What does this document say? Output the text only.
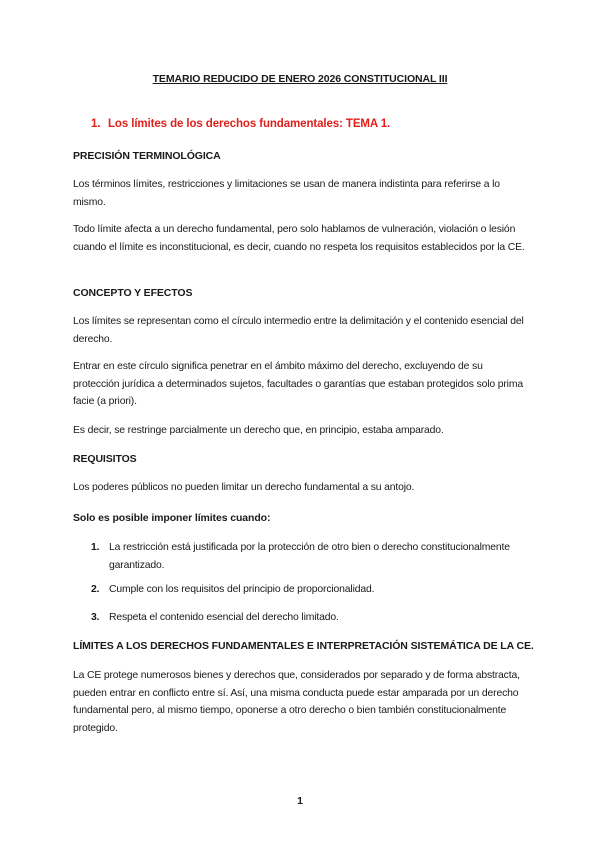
TEMARIO REDUCIDO DE ENERO 2026 CONSTITUCIONAL III
1. Los límites de los derechos fundamentales: TEMA 1.
PRECISIÓN TERMINOLÓGICA

Los términos límites, restricciones y limitaciones se usan de manera indistinta para referirse a lo mismo.

Todo límite afecta a un derecho fundamental, pero solo hablamos de vulneración, violación o lesión cuando el límite es inconstitucional, es decir, cuando no respeta los requisitos establecidos por la CE.

CONCEPTO Y EFECTOS

Los límites se representan como el círculo intermedio entre la delimitación y el contenido esencial del derecho.

Entrar en este círculo significa penetrar en el ámbito máximo del derecho, excluyendo de su protección jurídica a determinados sujetos, facultades o garantías que estaban protegidos solo prima facie (a priori).

Es decir, se restringe parcialmente un derecho que, en principio, estaba amparado.

REQUISITOS

Los poderes públicos no pueden limitar un derecho fundamental a su antojo.

Solo es posible imponer límites cuando:
1. La restricción está justificada por la protección de otro bien o derecho constitucionalmente garantizado.
2. Cumple con los requisitos del principio de proporcionalidad.
3. Respeta el contenido esencial del derecho limitado.
LÍMITES A LOS DERECHOS FUNDAMENTALES E INTERPRETACIÓN SISTEMÁTICA DE LA CE.

La CE protege numerosos bienes y derechos que, considerados por separado y de forma abstracta, pueden entrar en conflicto entre sí. Así, una misma conducta puede estar amparada por un derecho fundamental pero, al mismo tiempo, oponerse a otro derecho o bien también constitucionalmente protegido.

1
